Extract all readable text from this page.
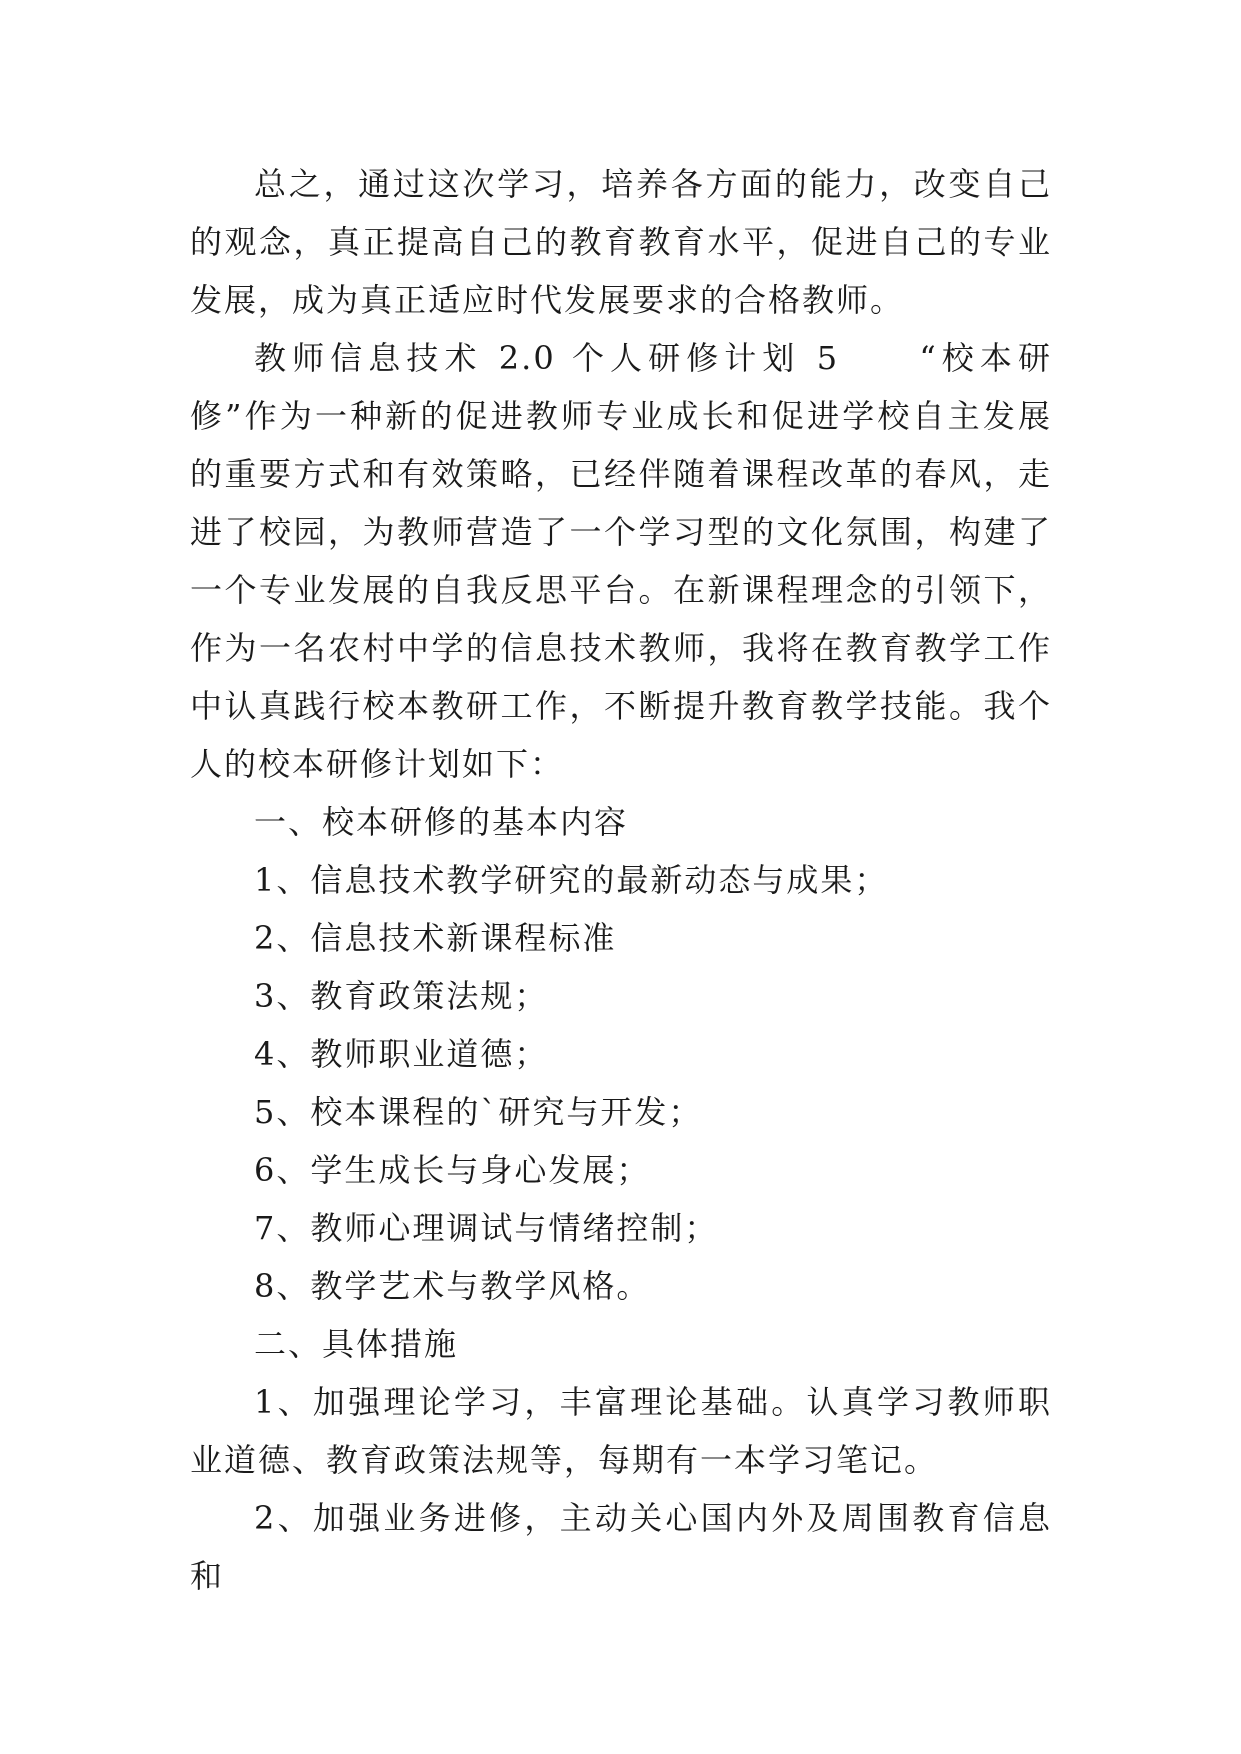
总之，通过这次学习，培养各方面的能力，改变自己的观念，真正提高自己的教育教育水平，促进自己的专业发展，成为真正适应时代发展要求的合格教师。

教师信息技术 2.0 个人研修计划 5　　“校本研修”作为一种新的促进教师专业成长和促进学校自主发展的重要方式和有效策略，已经伴随着课程改革的春风，走进了校园，为教师营造了一个学习型的文化氛围，构建了一个专业发展的自我反思平台。在新课程理念的引领下，作为一名农村中学的信息技术教师，我将在教育教学工作中认真践行校本教研工作，不断提升教育教学技能。我个人的校本研修计划如下：

一、校本研修的基本内容

1、信息技术教学研究的最新动态与成果；

2、信息技术新课程标准

3、教育政策法规；

4、教师职业道德；

5、校本课程的`研究与开发；

6、学生成长与身心发展；

7、教师心理调试与情绪控制；

8、教学艺术与教学风格。

二、具体措施

1、加强理论学习，丰富理论基础。认真学习教师职业道德、教育政策法规等，每期有一本学习笔记。

2、加强业务进修，主动关心国内外及周围教育信息和
